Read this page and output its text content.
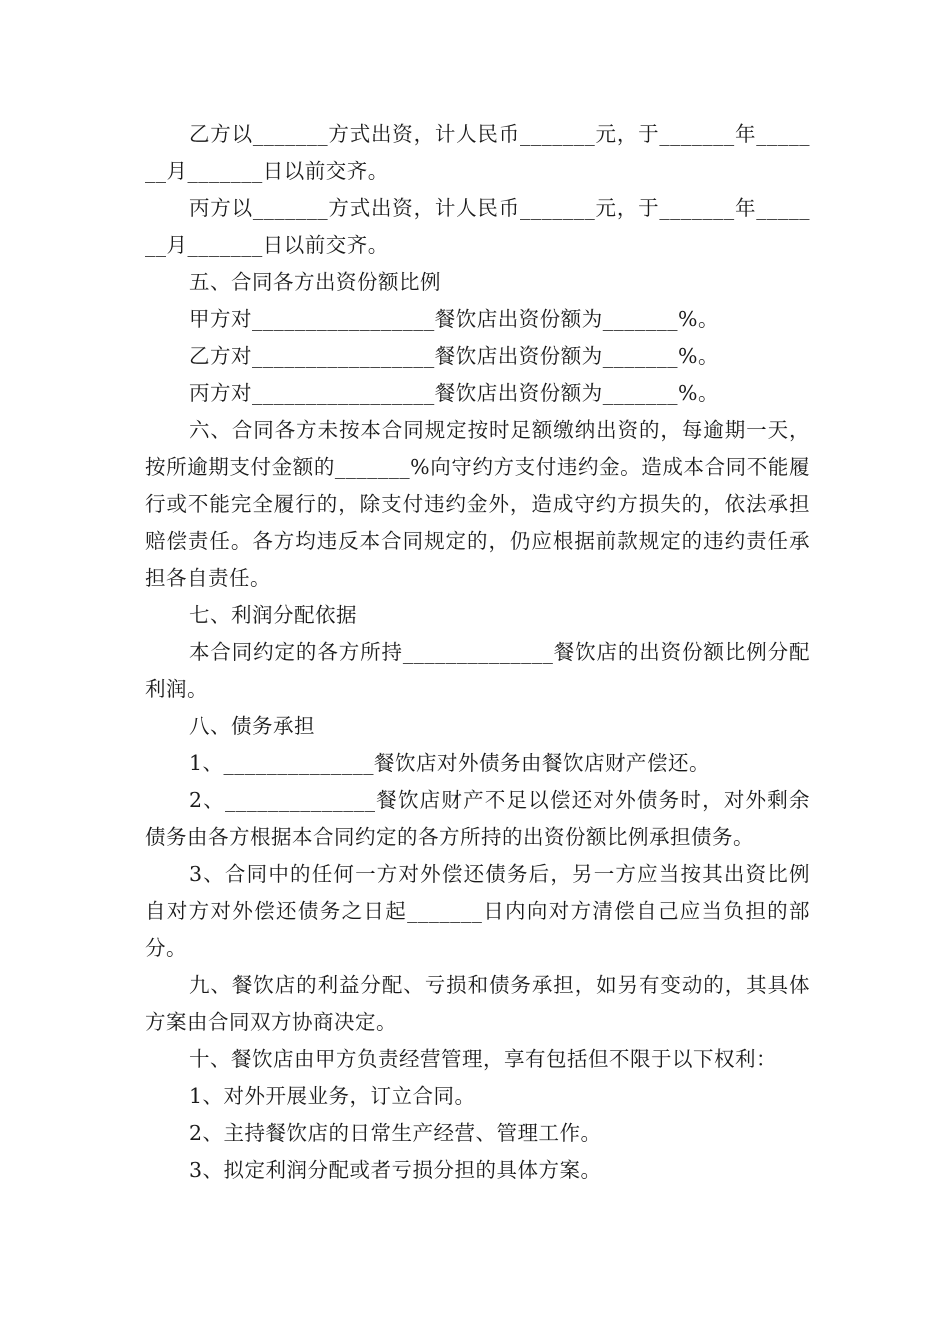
乙方以_______方式出资，计人民币_______元，于_______年_______月_______日以前交齐。

丙方以_______方式出资，计人民币_______元，于_______年_______月_______日以前交齐。

五、合同各方出资份额比例

甲方对_________________餐饮店出资份额为_______%。

乙方对_________________餐饮店出资份额为_______%。

丙方对_________________餐饮店出资份额为_______%。

六、合同各方未按本合同规定按时足额缴纳出资的，每逾期一天，按所逾期支付金额的_______%向守约方支付违约金。造成本合同不能履行或不能完全履行的，除支付违约金外，造成守约方损失的，依法承担赔偿责任。各方均违反本合同规定的，仍应根据前款规定的违约责任承担各自责任。

七、利润分配依据

本合同约定的各方所持______________餐饮店的出资份额比例分配利润。

八、债务承担

1、______________餐饮店对外债务由餐饮店财产偿还。

2、______________餐饮店财产不足以偿还对外债务时，对外剩余债务由各方根据本合同约定的各方所持的出资份额比例承担债务。

3、合同中的任何一方对外偿还债务后，另一方应当按其出资比例自对方对外偿还债务之日起_______日内向对方清偿自己应当负担的部分。

九、餐饮店的利益分配、亏损和债务承担，如另有变动的，其具体方案由合同双方协商决定。

十、餐饮店由甲方负责经营管理，享有包括但不限于以下权利：

1、对外开展业务，订立合同。

2、主持餐饮店的日常生产经营、管理工作。

3、拟定利润分配或者亏损分担的具体方案。
